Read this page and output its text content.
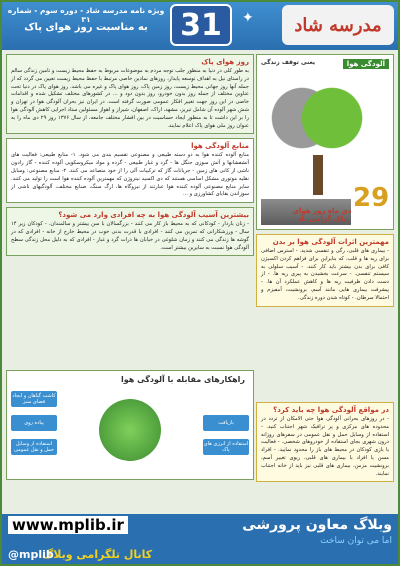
مدرسه شاد
31	✦
ویژه نامه مدرسه شاد - دوره سوم - شماره ۳۱
به مناسبت روز هوای پاک
آلودگی هوا
یعنی توقف زندگی
29
دی ماه روز هوای پاک گرامی باد
مهمترین اثرات آلودگی هوا بر بدن
- بیماری های قلبی، رگی و تنفسی شدید. - استرس اضافی برای ریه ها و قلب، که بنابراین برای فراهم کردن اکسیژن کافی برای بدن بیشتر باید کار کنند. - آسیب سلولی به سیستم تنفسی. - سرعت بخشیدن به پیری ریه ها. - از دست دادن ظرفیت ریه ها و کاهش عملکرد آن ها. - پیشرفت بیماری هایی مانند آسم، برونشیت، آمفیزم و احتمالا سرطان. - کوتاه شدن دوره زندگی.
روز هوای پاک
به طور کلی در دنیا به منظور جلب توجه مردم به موضوعات مربوط به حفظ محیط زیست و تامین زندگی سالم در راستای نیل به اهداف توسعه پایدار، روزهای نمادین خاصی مرتبط با حفظ محیط زیست تعیین می گردد که از جمله آنها روز جهانی محیط زیست، روز زمین پاک، روز هوای پاک و غیره می باشد. روز هوای پاک در دنیا تحت عناوین مختلف از جمله روز بدون خودرو، روز بدون دود و ... در کشورهای مختلف تشکیل شده و اقدامات خاصی در این روز جهت تغییر افکار عمومی صورت گرفته است. در ایران نیز بحران آلودگی هوا در تهران و شش شهر آلوده آن شامل تبریز، مشهد، اراک، اصفهان، شیراز و اهواز مسئولین ستاد اجرایی کاهش آلودگی هوا را بر این داشت تا به منظور ایجاد حساسیت در بین اقشار مختلف جامعه، از سال ۱۳۷۶ روز ۲۹ دی ماه را به عنوان روز ملی هوای پاک اعلام نمایند.
منابع آلودگی هوا
منابع آلوده کننده هوا به دو دسته طبیعی و مصنوعی تقسیم بندی می شود. ۱- منابع طبیعی: فعالیت های آتشفشانها و آتش سوزی جنگل ها - گرد و غبار طبیعی - گرده و مواد میکروسکوپی آلوده کننده - گاز رادون ناشی از کانی های زمین - جریانات گاز که ترکیبات آلی را از خود متصاعد می کنند. ۲- منابع مصنوعی: وسایل نقلیه موتوری مشکل اساسی هستند که دی اکسید نیتروژن که مهمترین آلوده کننده هوا است را تولید می کنند. سایر منابع مصنوعی آلوده کننده هوا عبارتند از نیروگاه ها، ارگ سنگ، صنایع مختلف، آلودگیهای ناشی از سوزاندن بقایای کشاورزی و ...
بیشترین آسیب آلودگی هوا به چه افرادی وارد می شود؟
- زنان باردار - کودکانی که به محیط باز کار می کنند - بزرگسالان با سن بیشتر و سالمندان. - کودکان زیر ۱۴ سال - ورزشکارانی که تمرین می کنند - افرادی با قدرت بدنی خوب در محیط خارج از خانه - افرادی که در گوشه ها زندگی می کنند و زمان شلوغی در خیابان ها ذرات گرد و غبار - افرادی که به دلیل محل زندگی سطح آلودگی هوا نسبت به سایرین بیشتر است.
راهکارهای مقابله با آلودگی هوا
کاشت گیاهان و ایجاد فضای سبز
پیاده روی
استفاده از وسایل حمل و نقل عمومی
بازیافت
استفاده از انرژی های پاک
در مواقع آلودگی هوا چه باید کرد؟
- در روزهای بحرانی آلودگی هوا حتی الامکان از تردد در محدوده های مرکزی و پر ترافیک شهر اجتناب کنید. - استفاده از وسایل حمل و نقل عمومی در سفرهای روزانه درون شهری بجای استفاده از خودروهای شخصی. - فعالیت یا بازی کودکان در محیط های باز را محدود نمایید. - افراد مسن یا افراد با بیماری های قلبی، ریوی تغییر آسم، برونشیت مزمن، بیماری های قلبی نیز باید از خانه اجتناب نمایند.
وبلاگ معاون پرورشی
www.mplib.ir
اما می توان ساخت
کانال تلگرامی وبلاگ
@mplib
